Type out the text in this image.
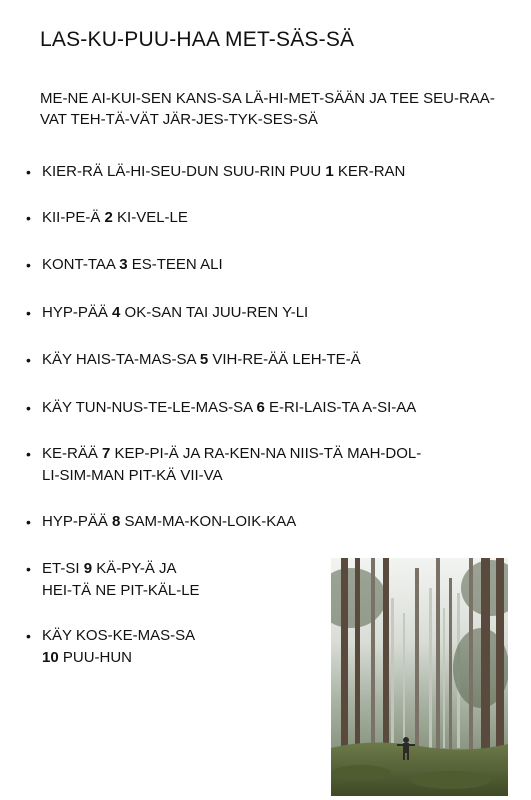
LAS-KU-PUU-HAA MET-SÄS-SÄ
ME-NE AI-KUI-SEN KANS-SA LÄ-HI-MET-SÄÄN JA TEE SEU-RAA-VAT TEH-TÄ-VÄT JÄR-JES-TYK-SES-SÄ
• KIER-RÄ LÄ-HI-SEU-DUN SUU-RIN PUU 1 KER-RAN
• KII-PE-Ä 2 KI-VEL-LE
• KONT-TAA 3 ES-TEEN ALI
• HYP-PÄÄ 4 OK-SAN TAI JUU-REN Y-LI
• KÄY HAIS-TA-MAS-SA 5 VIH-RE-ÄÄ LEH-TE-Ä
• KÄY TUN-NUS-TE-LE-MAS-SA 6 E-RI-LAIS-TA A-SI-AA
• KE-RÄÄ 7 KEP-PI-Ä JA RA-KEN-NA NIIS-TÄ MAH-DOL-
LI-SIM-MAN PIT-KÄ VII-VA
• HYP-PÄÄ 8 SAM-MA-KON-LOIK-KAA
• ET-SI 9 KÄ-PY-Ä JA
HEI-TÄ NE PIT-KÄL-LE
• KÄY KOS-KE-MAS-SA
10 PUU-HUN
